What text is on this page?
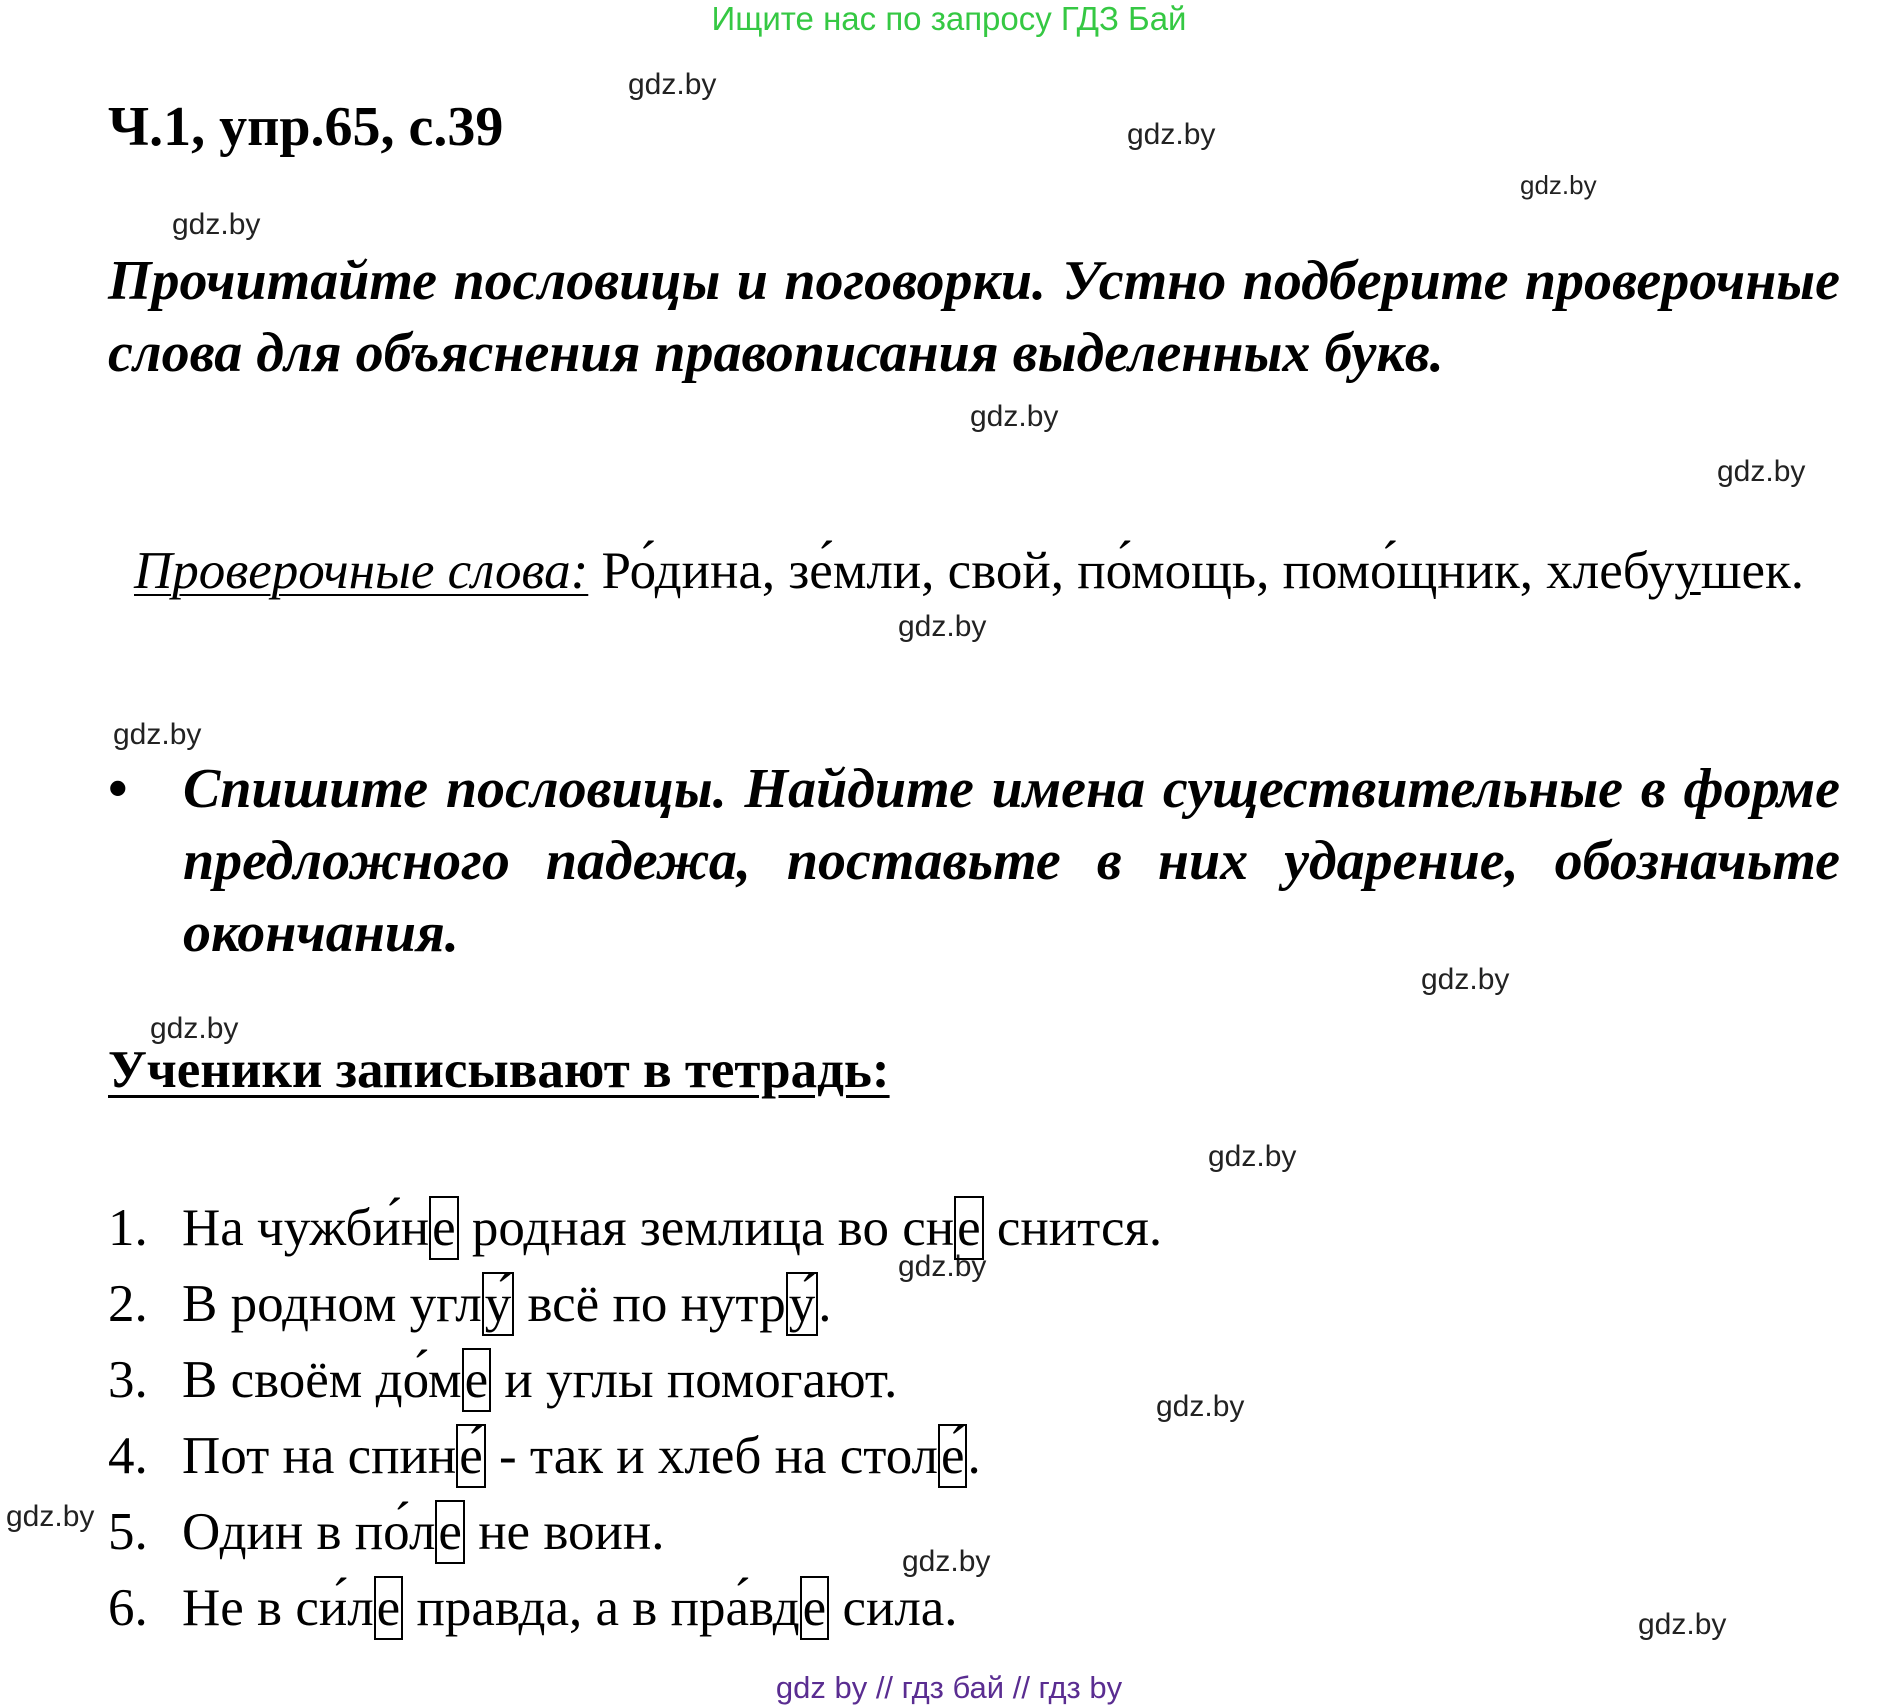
Ищите нас по запросу ГДЗ Бай
gdz.by
gdz.by
gdz.by
gdz.by
gdz.by
gdz.by
gdz.by
gdz.by
gdz.by
gdz.by
gdz.by
gdz.by
gdz.by
gdz.by
gdz.by
gdz.by
Ч.1, упр.65, с.39
Прочитайте пословицы и поговорки. Устно подберите проверочные слова для объяснения правописания выделенных букв.
Проверочные слова: Ро́дина, зе́мли, свой, по́мощь, помо́щник, хлебуушек.
• Спишите пословицы. Найдите имена существительные в форме предложного падежа, поставьте в них ударение, обозначьте окончания.
Ученики записывают в тетрадь:
1. На чужби́не родная землица во сне снится.
2. В родном углу́ всё по нутру́.
3. В своём до́ме и углы помогают.
4. Пот на спине́ - так и хлеб на столе́.
5. Один в по́ле не воин.
6. Не в си́ле правда, а в пра́вде сила.
gdz by // гдз бай // гдз by
